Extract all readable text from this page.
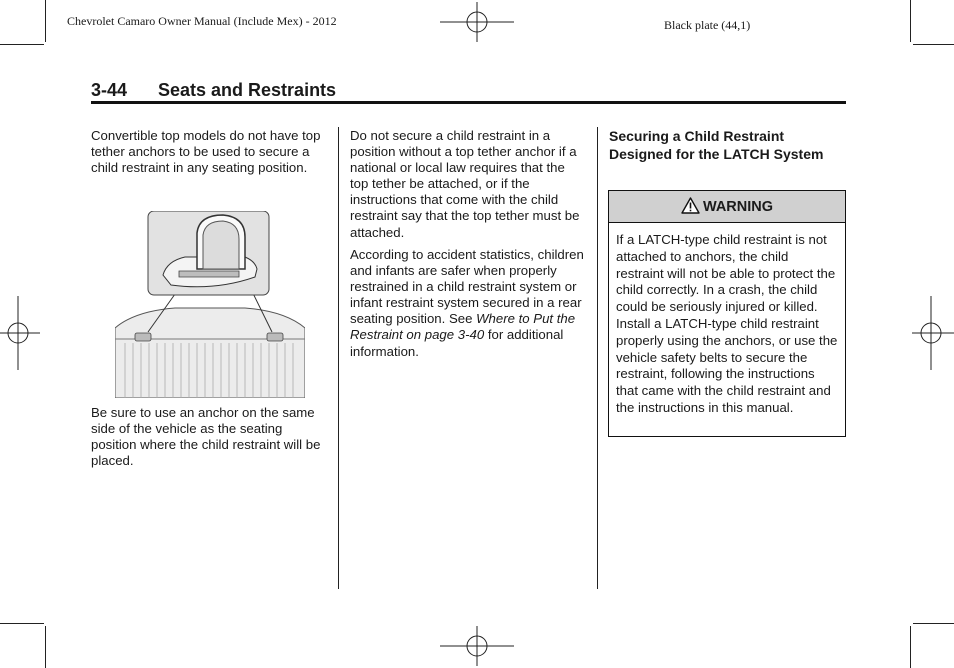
Chevrolet Camaro Owner Manual (Include Mex) - 2012	Black plate (44,1)
3-44 Seats and Restraints

Convertible top models do not have top tether anchors to be used to secure a child restraint in any seating position.

Be sure to use an anchor on the same side of the vehicle as the seating position where the child restraint will be placed.

Do not secure a child restraint in a position without a top tether anchor if a national or local law requires that the top tether be attached, or if the instructions that come with the child restraint say that the top tether must be attached.

According to accident statistics, children and infants are safer when properly restrained in a child restraint system or infant restraint system secured in a rear seating position. See Where to Put the Restraint on page 3-40 for additional information.

Securing a Child Restraint Designed for the LATCH System

WARNING

If a LATCH-type child restraint is not attached to anchors, the child restraint will not be able to protect the child correctly. In a crash, the child could be seriously injured or killed. Install a LATCH-type child restraint properly using the anchors, or use the vehicle safety belts to secure the restraint, following the instructions that came with the child restraint and the instructions in this manual.
